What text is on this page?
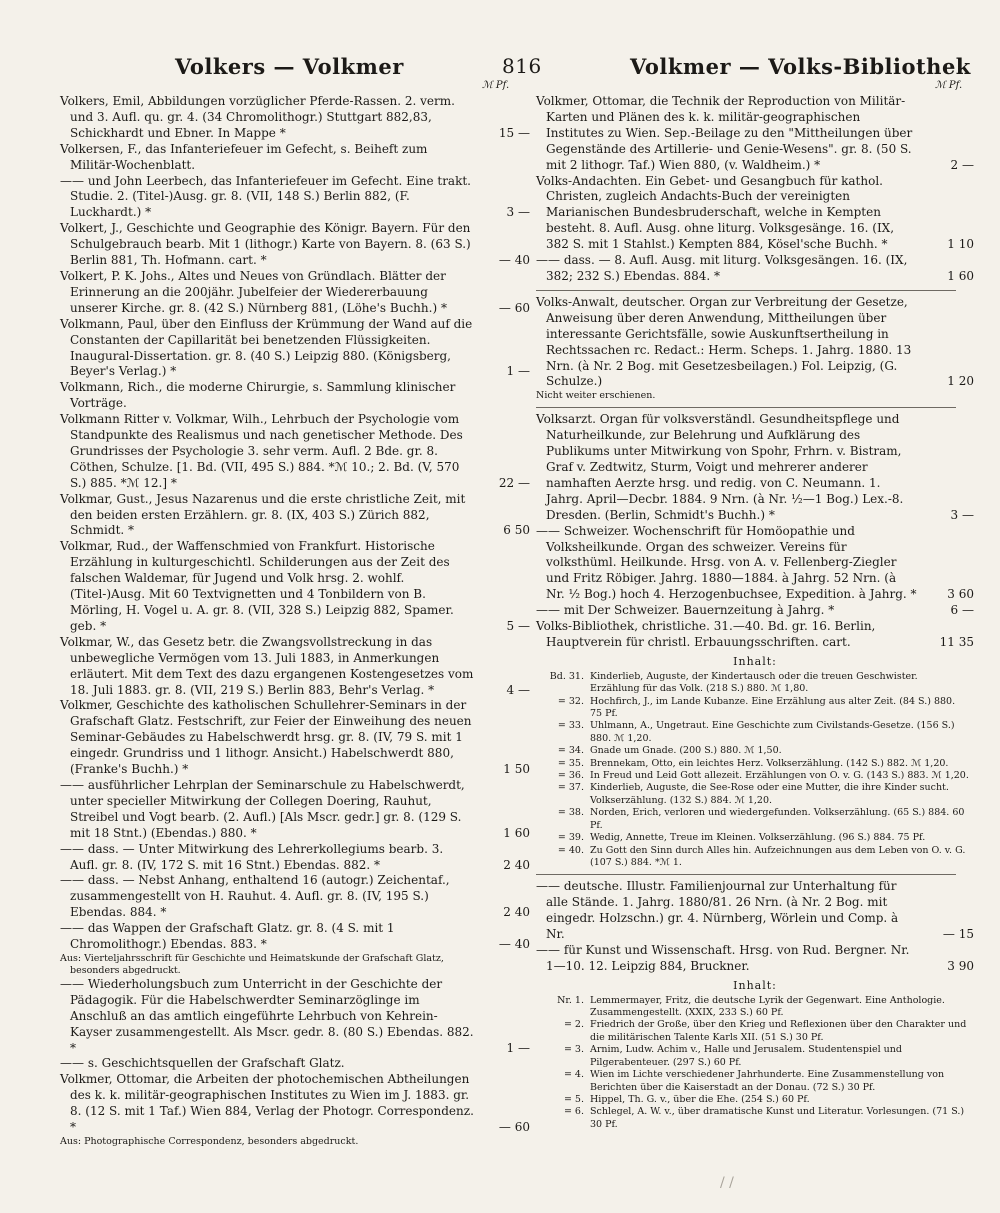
Volkers — Volkmer	816	Volkmer — Volks-Bibliothek
ℳ Pf.	ℳ Pf.
Volkers, Emil, Abbildungen vorzüglicher Pferde-Rassen. 2. verm. und 3. Aufl. qu. gr. 4. (34 Chromolithogr.) Stuttgart 882,83, Schickhardt und Ebner. In Mappe *	15 —
Volkersen, F., das Infanteriefeuer im Gefecht, s. Beiheft zum Militär-Wochenblatt.
—— und John Leerbech, das Infanteriefeuer im Gefecht. Eine trakt. Studie. 2. (Titel-)Ausg. gr. 8. (VII, 148 S.) Berlin 882, (F. Luckhardt.) *	3 —
Volkert, J., Geschichte und Geographie des Königr. Bayern. Für den Schulgebrauch bearb. Mit 1 (lithogr.) Karte von Bayern. 8. (63 S.) Berlin 881, Th. Hofmann. cart. *	— 40
Volkert, P. K. Johs., Altes und Neues von Gründlach. Blätter der Erinnerung an die 200jähr. Jubelfeier der Wiedererbauung unserer Kirche. gr. 8. (42 S.) Nürnberg 881, (Löhe's Buchh.) *	— 60
Volkmann, Paul, über den Einfluss der Krümmung der Wand auf die Constanten der Capillarität bei benetzenden Flüssigkeiten. Inaugural-Dissertation. gr. 8. (40 S.) Leipzig 880. (Königsberg, Beyer's Verlag.) *	1 —
Volkmann, Rich., die moderne Chirurgie, s. Sammlung klinischer Vorträge.
Volkmann Ritter v. Volkmar, Wilh., Lehrbuch der Psychologie vom Standpunkte des Realismus und nach genetischer Methode. Des Grundrisses der Psychologie 3. sehr verm. Aufl. 2 Bde. gr. 8. Cöthen, Schulze. [1. Bd. (VII, 495 S.) 884. *ℳ 10.; 2. Bd. (V, 570 S.) 885. *ℳ 12.] *	22 —
Volkmar, Gust., Jesus Nazarenus und die erste christliche Zeit, mit den beiden ersten Erzählern. gr. 8. (IX, 403 S.) Zürich 882, Schmidt. *	6 50
Volkmar, Rud., der Waffenschmied von Frankfurt. Historische Erzählung in kulturgeschichtl. Schilderungen aus der Zeit des falschen Waldemar, für Jugend und Volk hrsg. 2. wohlf. (Titel-)Ausg. Mit 60 Textvignetten und 4 Tonbildern von B. Mörling, H. Vogel u. A. gr. 8. (VII, 328 S.) Leipzig 882, Spamer. geb. *	5 —
Volkmar, W., das Gesetz betr. die Zwangsvollstreckung in das unbewegliche Vermögen vom 13. Juli 1883, in Anmerkungen erläutert. Mit dem Text des dazu ergangenen Kostengesetzes vom 18. Juli 1883. gr. 8. (VII, 219 S.) Berlin 883, Behr's Verlag. *	4 —
Volkmer, Geschichte des katholischen Schullehrer-Seminars in der Grafschaft Glatz. Festschrift, zur Feier der Einweihung des neuen Seminar-Gebäudes zu Habelschwerdt hrsg. gr. 8. (IV, 79 S. mit 1 eingedr. Grundriss und 1 lithogr. Ansicht.) Habelschwerdt 880, (Franke's Buchh.) *	1 50
—— ausführlicher Lehrplan der Seminarschule zu Habelschwerdt, unter specieller Mitwirkung der Collegen Doering, Rauhut, Streibel und Vogt bearb. (2. Aufl.) [Als Mscr. gedr.] gr. 8. (129 S. mit 18 Stnt.) (Ebendas.) 880. *	1 60
—— dass. — Unter Mitwirkung des Lehrerkollegiums bearb. 3. Aufl. gr. 8. (IV, 172 S. mit 16 Stnt.) Ebendas. 882. *	2 40
—— dass. — Nebst Anhang, enthaltend 16 (autogr.) Zeichentaf., zusammengestellt von H. Rauhut. 4. Aufl. gr. 8. (IV, 195 S.) Ebendas. 884. *	2 40
—— das Wappen der Grafschaft Glatz. gr. 8. (4 S. mit 1 Chromolithogr.) Ebendas. 883. *	— 40
Aus: Vierteljahrsschrift für Geschichte und Heimatskunde der Grafschaft Glatz, besonders abgedruckt.
—— Wiederholungsbuch zum Unterricht in der Geschichte der Pädagogik. Für die Habelschwerdter Seminarzöglinge im Anschluß an das amtlich eingeführte Lehrbuch von Kehrein-Kayser zusammengestellt. Als Mscr. gedr. 8. (80 S.) Ebendas. 882. *	1 —
—— s. Geschichtsquellen der Grafschaft Glatz.
Volkmer, Ottomar, die Arbeiten der photochemischen Abtheilungen des k. k. militär-geographischen Institutes zu Wien im J. 1883. gr. 8. (12 S. mit 1 Taf.) Wien 884, Verlag der Photogr. Correspondenz. *	— 60
Aus: Photographische Correspondenz, besonders abgedruckt.
Volkmer, Ottomar, die Technik der Reproduction von Militär-Karten und Plänen des k. k. militär-geographischen Institutes zu Wien. Sep.-Beilage zu den "Mittheilungen über Gegenstände des Artillerie- und Genie-Wesens". gr. 8. (50 S. mit 2 lithogr. Taf.) Wien 880, (v. Waldheim.) *	2 —
Volks-Andachten. Ein Gebet- und Gesangbuch für kathol. Christen, zugleich Andachts-Buch der vereinigten Marianischen Bundesbruderschaft, welche in Kempten besteht. 8. Aufl. Ausg. ohne liturg. Volksgesänge. 16. (IX, 382 S. mit 1 Stahlst.) Kempten 884, Kösel'sche Buchh. *	1 10
—— dass. — 8. Aufl. Ausg. mit liturg. Volksgesängen. 16. (IX, 382; 232 S.) Ebendas. 884. *	1 60
Volks-Anwalt, deutscher. Organ zur Verbreitung der Gesetze, Anweisung über deren Anwendung, Mittheilungen über interessante Gerichtsfälle, sowie Auskunftsertheilung in Rechtssachen rc. Redact.: Herm. Scheps. 1. Jahrg. 1880. 13 Nrn. (à Nr. 2 Bog. mit Gesetzesbeilagen.) Fol. Leipzig, (G. Schulze.)	1 20
Nicht weiter erschienen.
Volksarzt. Organ für volksverständl. Gesundheitspflege und Naturheilkunde, zur Belehrung und Aufklärung des Publikums unter Mitwirkung von Spohr, Frhrn. v. Bistram, Graf v. Zedtwitz, Sturm, Voigt und mehrerer anderer namhaften Aerzte hrsg. und redig. von C. Neumann. 1. Jahrg. April—Decbr. 1884. 9 Nrn. (à Nr. ½—1 Bog.) Lex.-8. Dresden. (Berlin, Schmidt's Buchh.) *	3 —
—— Schweizer. Wochenschrift für Homöopathie und Volksheilkunde. Organ des schweizer. Vereins für volksthüml. Heilkunde. Hrsg. von A. v. Fellenberg-Ziegler und Fritz Röbiger. Jahrg. 1880—1884. à Jahrg. 52 Nrn. (à Nr. ½ Bog.) hoch 4. Herzogenbuchsee, Expedition. à Jahrg. *	3 60
—— mit Der Schweizer. Bauernzeitung à Jahrg. *	6 —
Volks-Bibliothek, christliche. 31.—40. Bd. gr. 16. Berlin, Hauptverein für christl. Erbauungsschriften. cart.	11 35
Inhalt:
Bd. 31. Kinderlieb, Auguste, der Kindertausch oder die treuen Geschwister. Erzählung für das Volk. (218 S.) 880. ℳ 1,80.
= 32. Hochfirch, J., im Lande Kubanze. Eine Erzählung aus alter Zeit. (84 S.) 880. 75 Pf.
= 33. Uhlmann, A., Ungetraut. Eine Geschichte zum Civilstands-Gesetze. (156 S.) 880. ℳ 1,20.
= 34. Gnade um Gnade. (200 S.) 880. ℳ 1,50.
= 35. Brennekam, Otto, ein leichtes Herz. Volkserzählung. (142 S.) 882. ℳ 1,20.
= 36. In Freud und Leid Gott allezeit. Erzählungen von O. v. G. (143 S.) 883. ℳ 1,20.
= 37. Kinderlieb, Auguste, die See-Rose oder eine Mutter, die ihre Kinder sucht. Volkserzählung. (132 S.) 884. ℳ 1,20.
= 38. Norden, Erich, verloren und wiedergefunden. Volkserzählung. (65 S.) 884. 60 Pf.
= 39. Wedig, Annette, Treue im Kleinen. Volkserzählung. (96 S.) 884. 75 Pf.
= 40. Zu Gott den Sinn durch Alles hin. Aufzeichnungen aus dem Leben von O. v. G. (107 S.) 884. *ℳ 1.
—— deutsche. Illustr. Familienjournal zur Unterhaltung für alle Stände. 1. Jahrg. 1880/81. 26 Nrn. (à Nr. 2 Bog. mit eingedr. Holzschn.) gr. 4. Nürnberg, Wörlein und Comp. à Nr.	— 15
—— für Kunst und Wissenschaft. Hrsg. von Rud. Bergner. Nr. 1—10. 12. Leipzig 884, Bruckner.	3 90
Inhalt:
Nr. 1. Lemmermayer, Fritz, die deutsche Lyrik der Gegenwart. Eine Anthologie. Zusammengestellt. (XXIX, 233 S.) 60 Pf.
= 2. Friedrich der Große, über den Krieg und Reflexionen über den Charakter und die militärischen Talente Karls XII. (51 S.) 30 Pf.
= 3. Arnim, Ludw. Achim v., Halle und Jerusalem. Studentenspiel und Pilgerabenteuer. (297 S.) 60 Pf.
= 4. Wien im Lichte verschiedener Jahrhunderte. Eine Zusammenstellung von Berichten über die Kaiserstadt an der Donau. (72 S.) 30 Pf.
= 5. Hippel, Th. G. v., über die Ehe. (254 S.) 60 Pf.
= 6. Schlegel, A. W. v., über dramatische Kunst und Literatur. Vorlesungen. (71 S.) 30 Pf.
/ /
